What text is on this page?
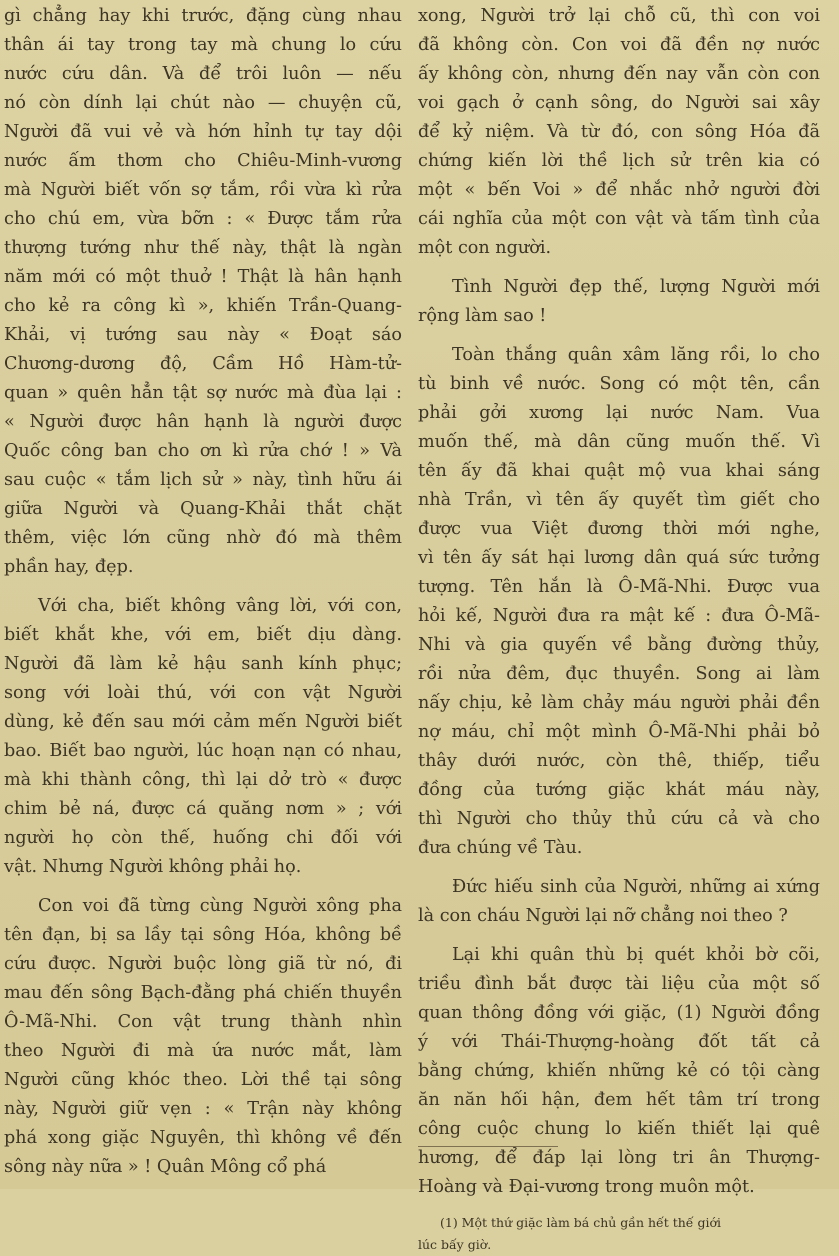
gì chẳng hay khi trước, đặng cùng nhau
thân ái tay trong tay mà chung lo cứu
nước cứu dân. Và để trôi luôn — nếu
nó còn dính lại chút nào — chuyện cũ,
Người đã vui vẻ và hớn hỉnh tự tay dội
nước ấm thơm cho Chiêu-Minh-vương
mà Người biết vốn sợ tắm, rồi vừa kì rửa
cho chú em, vừa bỡn : « Được tắm rửa
thượng tướng như thế này, thật là ngàn
năm mới có một thuở ! Thật là hân hạnh
cho kẻ ra công kì », khiến Trần-Quang-
Khải, vị tướng sau này « Đoạt sáo
Chương-dương độ, Cầm Hồ Hàm-tử-
quan » quên hẳn tật sợ nước mà đùa lại :
« Người được hân hạnh là người được
Quốc công ban cho ơn kì rửa chớ ! » Và
sau cuộc « tắm lịch sử » này, tình hữu ái
giữa Người và Quang-Khải thắt chặt
thêm, việc lớn cũng nhờ đó mà thêm
phần hay, đẹp.
Với cha, biết không vâng lời, với con,
biết khắt khe, với em, biết dịu dàng.
Người đã làm kẻ hậu sanh kính phục;
song với loài thú, với con vật Người
dùng, kẻ đến sau mới cảm mến Người biết
bao. Biết bao người, lúc hoạn nạn có nhau,
mà khi thành công, thì lại dở trò « được
chim bẻ ná, được cá quăng nơm » ; với
người họ còn thế, huống chi đối với
vật. Nhưng Người không phải họ.
Con voi đã từng cùng Người xông pha
tên đạn, bị sa lầy tại sông Hóa, không bề
cứu được. Người buộc lòng giã từ nó, đi
mau đến sông Bạch-đằng phá chiến thuyền
Ô-Mã-Nhi. Con vật trung thành nhìn
theo Người đi mà ứa nước mắt, làm
Người cũng khóc theo. Lời thề tại sông
này, Người giữ vẹn : « Trận này không
phá xong giặc Nguyên, thì không về đến
sông này nữa » ! Quân Mông cổ phá
xong, Người trở lại chỗ cũ, thì con voi
đã không còn. Con voi đã đền nợ nước
ấy không còn, nhưng đến nay vẫn còn con
voi gạch ở cạnh sông, do Người sai xây
để kỷ niệm. Và từ đó, con sông Hóa đã
chứng kiến lời thề lịch sử trên kia có
một « bến Voi » để nhắc nhở người đời
cái nghĩa của một con vật và tấm tình của
một con người.
Tình Người đẹp thế, lượng Người mới
rộng làm sao !
Toàn thắng quân xâm lăng rồi, lo cho
tù binh về nước. Song có một tên, cần
phải gởi xương lại nước Nam. Vua
muốn thế, mà dân cũng muốn thế. Vì
tên ấy đã khai quật mộ vua khai sáng
nhà Trần, vì tên ấy quyết tìm giết cho
được vua Việt đương thời mới nghe,
vì tên ấy sát hại lương dân quá sức tưởng
tượng. Tên hắn là Ô-Mã-Nhi. Được vua
hỏi kế, Người đưa ra mật kế : đưa Ô-Mã-
Nhi và gia quyến về bằng đường thủy,
rồi nửa đêm, đục thuyền. Song ai làm
nấy chịu, kẻ làm chảy máu người phải đền
nợ máu, chỉ một mình Ô-Mã-Nhi phải bỏ
thây dưới nước, còn thê, thiếp, tiểu
đồng của tướng giặc khát máu này,
thì Người cho thủy thủ cứu cả và cho
đưa chúng về Tàu.
Đức hiếu sinh của Người, những ai xứng
là con cháu Người lại nỡ chẳng noi theo ?
Lại khi quân thù bị quét khỏi bờ cõi,
triều đình bắt được tài liệu của một số
quan thông đồng với giặc, (1) Người đồng
ý với Thái-Thượng-hoàng đốt tất cả
bằng chứng, khiến những kẻ có tội càng
ăn năn hối hận, đem hết tâm trí trong
công cuộc chung lo kiến thiết lại quê
hương, để đáp lại lòng tri ân Thượng-
Hoàng và Đại-vương trong muôn một.
(1) Một thứ giặc làm bá chủ gần hết thế giới
lúc bấy giờ.
